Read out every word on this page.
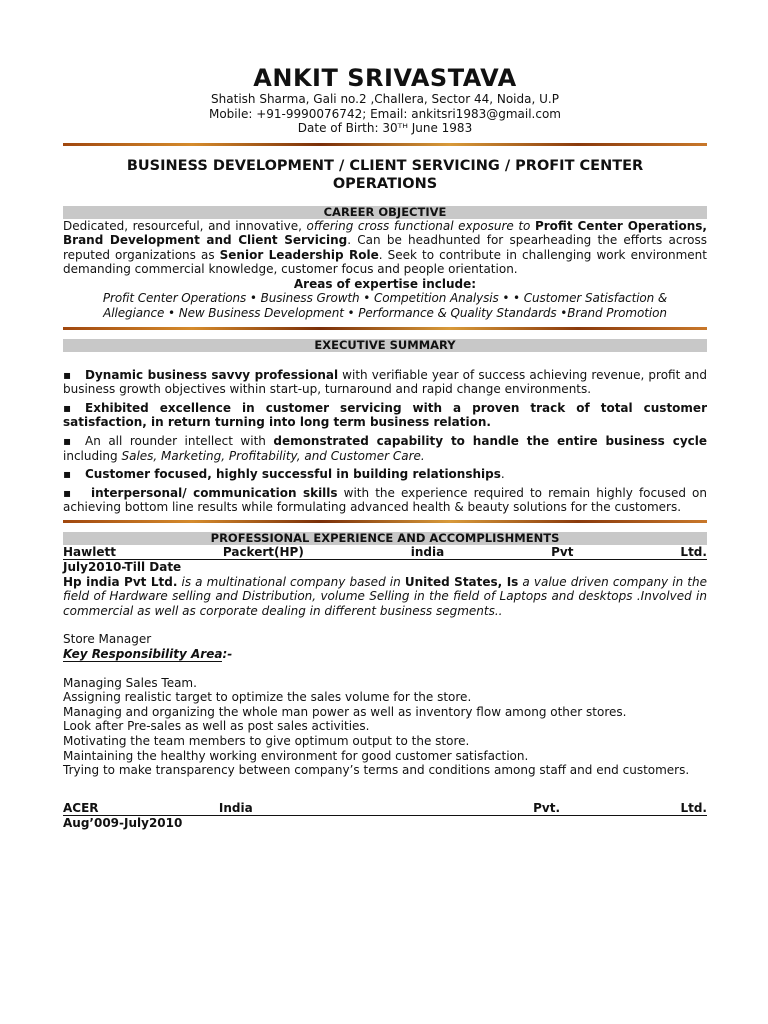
ANKIT SRIVASTAVA
Shatish Sharma, Gali no.2 ,Challera, Sector 44, Noida, U.P
Mobile: +91-9990076742; Email: ankitsri1983@gmail.com
Date of Birth: 30ᵀᴴ June 1983
BUSINESS DEVELOPMENT / CLIENT SERVICING / PROFIT CENTER
OPERATIONS
CAREER OBJECTIVE

Dedicated, resourceful, and innovative, offering cross functional exposure to Profit Center Operations, Brand Development and Client Servicing. Can be headhunted for spearheading the efforts across reputed organizations as Senior Leadership Role. Seek to contribute in challenging work environment demanding commercial knowledge, customer focus and people orientation.

Areas of expertise include:

Profit Center Operations • Business Growth • Competition Analysis • • Customer Satisfaction &

Allegiance • New Business Development • Performance & Quality Standards •Brand Promotion

EXECUTIVE SUMMARY

▪Dynamic business savvy professional with verifiable year of success achieving revenue, profit and business growth objectives within start-up, turnaround and rapid change environments.

▪Exhibited excellence in customer servicing with a proven track of total customer satisfaction, in return turning into long term business relation.

▪An all rounder intellect with demonstrated capability to handle the entire business cycle including Sales, Marketing, Profitability, and Customer Care.

▪Customer focused, highly successful in building relationships.

▪interpersonal/ communication skills with the experience required to remain highly focused on achieving bottom line results while formulating advanced health & beauty solutions for the customers.

PROFESSIONAL EXPERIENCE AND ACCOMPLISHMENTS
Hawlett	Packert(HP)	india	Pvt	Ltd.

July2010-Till Date

Hp india Pvt Ltd. is a multinational company based in United States, Is a value driven company in the field of Hardware selling and Distribution, volume Selling in the field of Laptops and desktops .Involved in commercial as well as corporate dealing in different business segments..

Store Manager

Key Responsibility Area:-

Managing Sales Team.

Assigning realistic target to optimize the sales volume for the store.

Managing and organizing the whole man power as well as inventory flow among other stores.

Look after Pre-sales as well as post sales activities.

Motivating the team members to give optimum output to the store.

Maintaining the healthy working environment for good customer satisfaction.

Trying to make transparency between company’s terms and conditions among staff and end customers.

ACER	India	Pvt.	Ltd.

Aug’009-July2010
